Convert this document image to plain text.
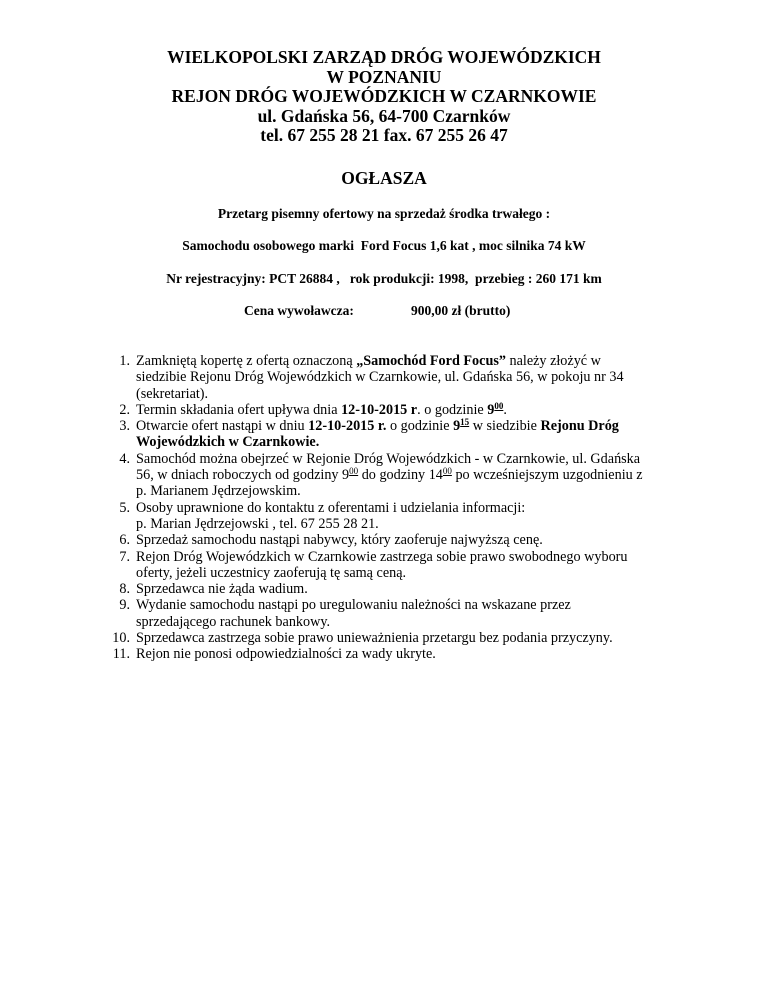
WIELKOPOLSKI ZARZĄD DRÓG WOJEWÓDZKICH
W POZNANIU
REJON DRÓG WOJEWÓDZKICH W CZARNKOWIE
ul. Gdańska 56, 64-700 Czarnków
tel. 67 255 28 21 fax. 67 255 26 47
OGŁASZA
Przetarg pisemny ofertowy na sprzedaż środka trwałego :
Samochodu osobowego marki  Ford Focus 1,6 kat , moc silnika 74 kW
Nr rejestracyjny: PCT 26884 ,   rok produkcji: 1998,  przebieg : 260 171 km
Cena wywoławcza:	900,00 zł (brutto)
1. Zamkniętą kopertę z ofertą oznaczoną „Samochód Ford Focus” należy złożyć w
siedzibie Rejonu Dróg Wojewódzkich w Czarnkowie, ul. Gdańska 56, w pokoju nr 34
(sekretariat).
2. Termin składania ofert upływa dnia 12-10-2015 r. o godzinie $9^{00}$.
3. Otwarcie ofert nastąpi w dniu 12-10-2015 r. o godzinie $9^{15}$ w siedzibie Rejonu Dróg
Wojewódzkich w Czarnkowie.
4. Samochód można obejrzeć w Rejonie Dróg Wojewódzkich - w Czarnkowie, ul. Gdańska
56, w dniach roboczych od godziny $9^{00}$ do godziny $14^{00}$ po wcześniejszym uzgodnieniu z
p. Marianem Jędrzejowskim.
5. Osoby uprawnione do kontaktu z oferentami i udzielania informacji:
p. Marian Jędrzejowski , tel. 67 255 28 21.
6. Sprzedaż samochodu nastąpi nabywcy, który zaoferuje najwyższą cenę.
7. Rejon Dróg Wojewódzkich w Czarnkowie zastrzega sobie prawo swobodnego wyboru
oferty, jeżeli uczestnicy zaoferują tę samą ceną.
8. Sprzedawca nie żąda wadium.
9. Wydanie samochodu nastąpi po uregulowaniu należności na wskazane przez
sprzedającego rachunek bankowy.
10. Sprzedawca zastrzega sobie prawo unieważnienia przetargu bez podania przyczyny.
11. Rejon nie ponosi odpowiedzialności za wady ukryte.
